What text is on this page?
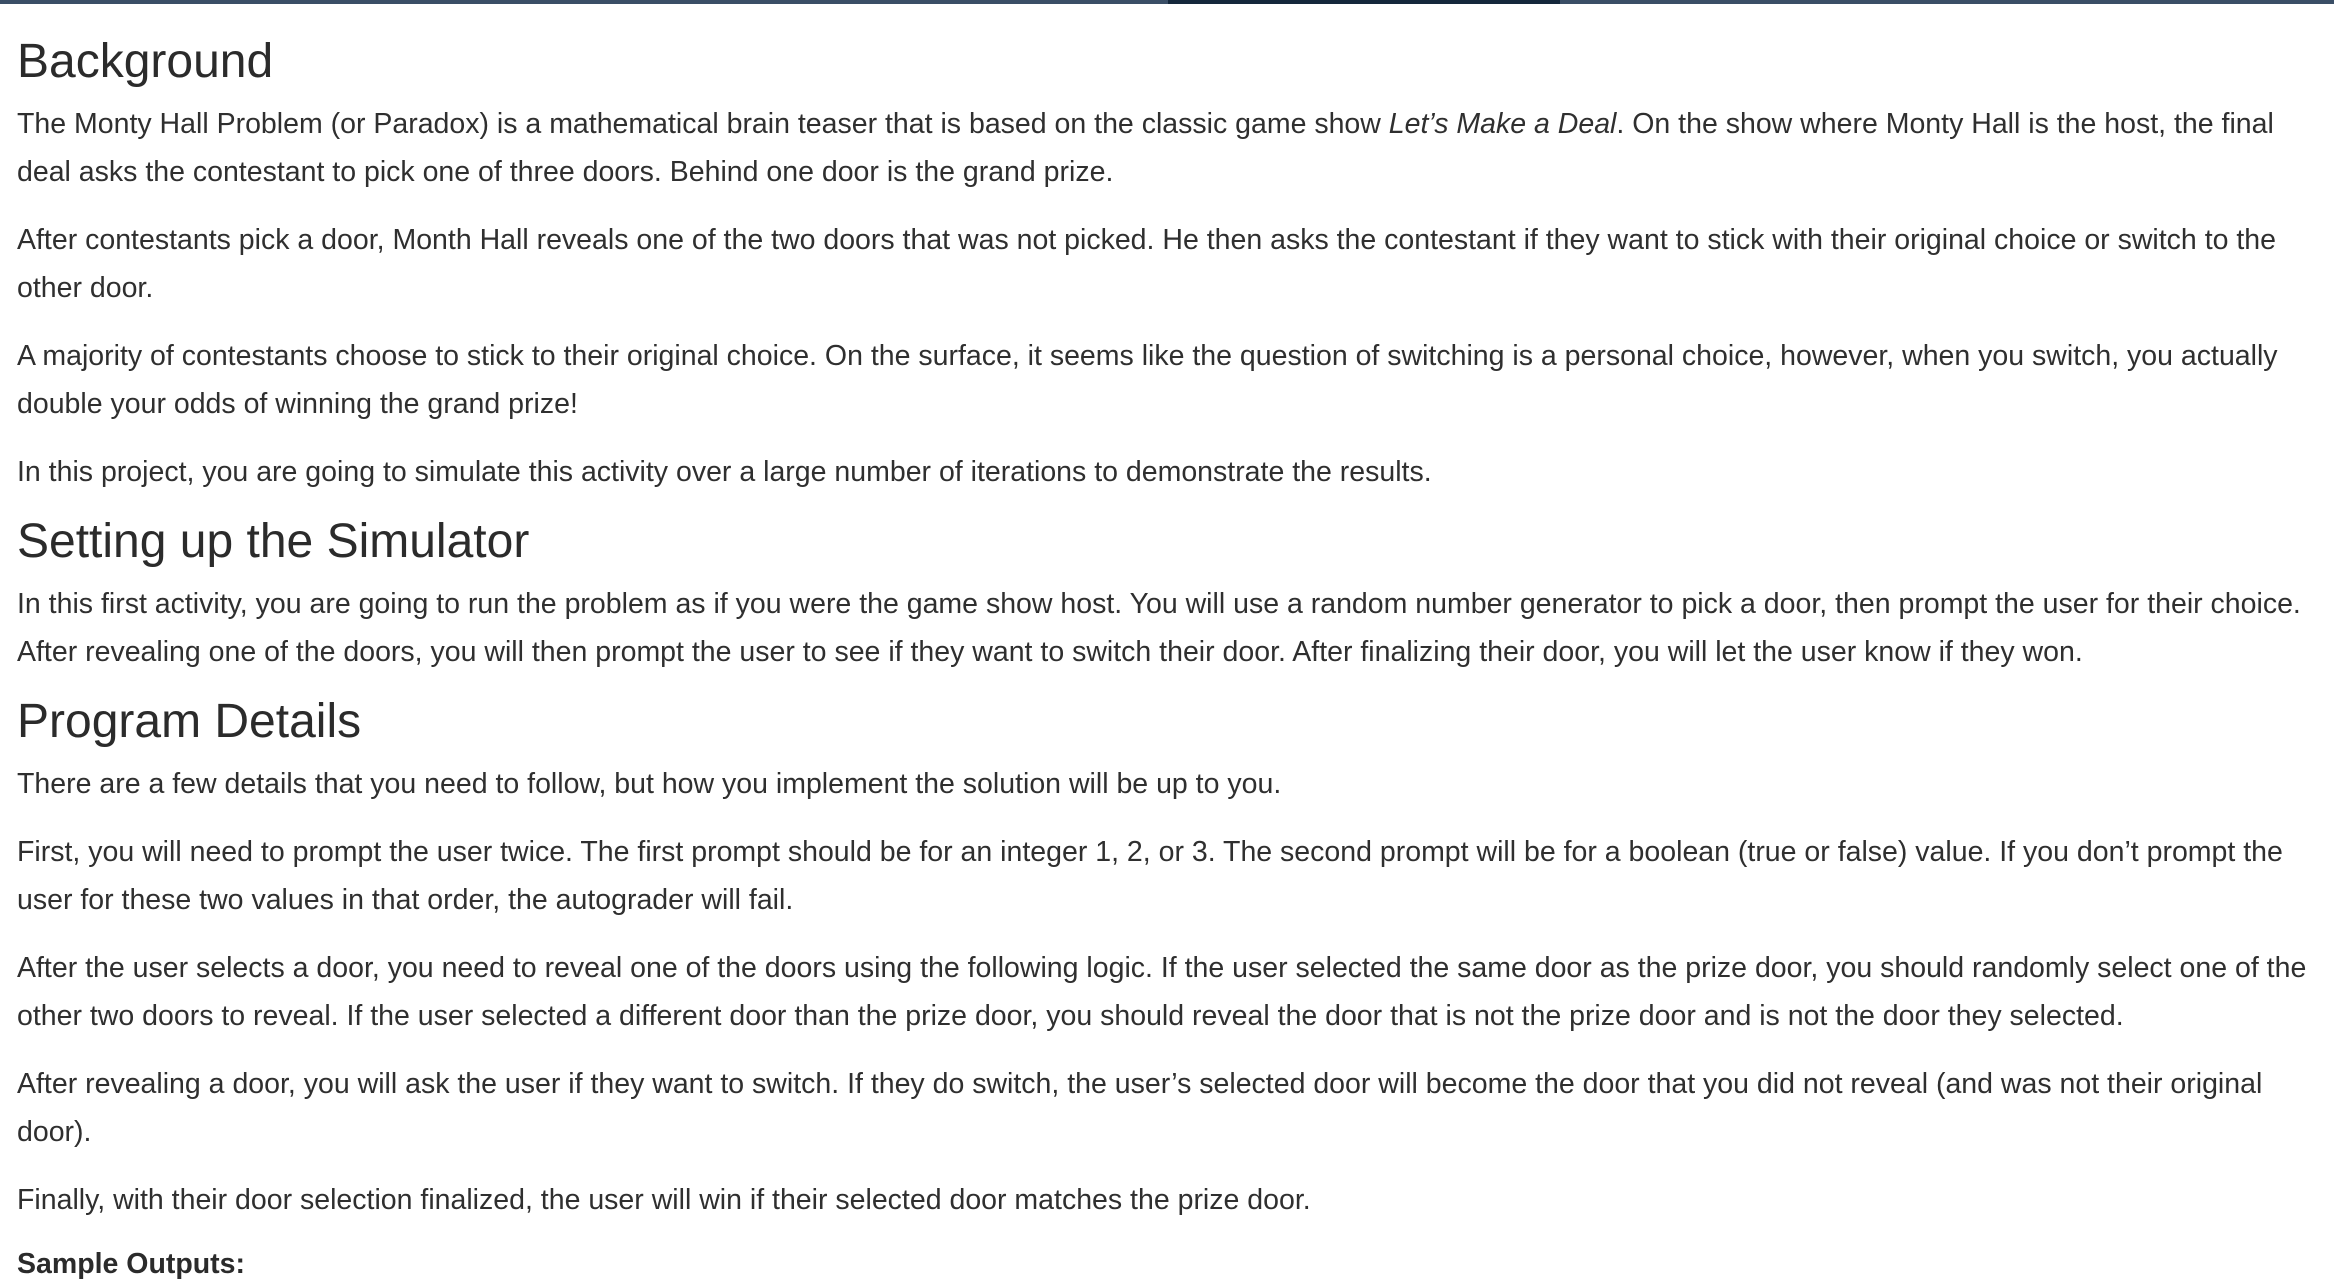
Background

The Monty Hall Problem (or Paradox) is a mathematical brain teaser that is based on the classic game show Let’s Make a Deal. On the show where Monty Hall is the host, the final deal asks the contestant to pick one of three doors. Behind one door is the grand prize.

After contestants pick a door, Month Hall reveals one of the two doors that was not picked. He then asks the contestant if they want to stick with their original choice or switch to the other door.

A majority of contestants choose to stick to their original choice. On the surface, it seems like the question of switching is a personal choice, however, when you switch, you actually double your odds of winning the grand prize!

In this project, you are going to simulate this activity over a large number of iterations to demonstrate the results.

Setting up the Simulator

In this first activity, you are going to run the problem as if you were the game show host. You will use a random number generator to pick a door, then prompt the user for their choice. After revealing one of the doors, you will then prompt the user to see if they want to switch their door. After finalizing their door, you will let the user know if they won.

Program Details

There are a few details that you need to follow, but how you implement the solution will be up to you.

First, you will need to prompt the user twice. The first prompt should be for an integer 1, 2, or 3. The second prompt will be for a boolean (true or false) value. If you don’t prompt the user for these two values in that order, the autograder will fail.

After the user selects a door, you need to reveal one of the doors using the following logic. If the user selected the same door as the prize door, you should randomly select one of the other two doors to reveal. If the user selected a different door than the prize door, you should reveal the door that is not the prize door and is not the door they selected.

After revealing a door, you will ask the user if they want to switch. If they do switch, the user’s selected door will become the door that you did not reveal (and was not their original door).

Finally, with their door selection finalized, the user will win if their selected door matches the prize door.

Sample Outputs:
